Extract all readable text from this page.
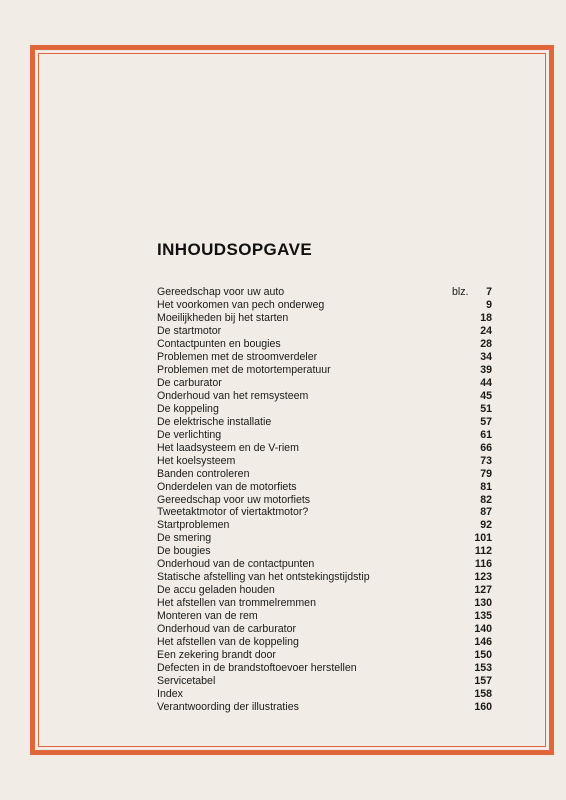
INHOUDSOPGAVE
Gereedschap voor uw auto	blz. 7
Het voorkomen van pech onderweg	9
Moeilijkheden bij het starten	18
De startmotor	24
Contactpunten en bougies	28
Problemen met de stroomverdeler	34
Problemen met de motortemperatuur	39
De carburator	44
Onderhoud van het remsysteem	45
De koppeling	51
De elektrische installatie	57
De verlichting	61
Het laadsysteem en de V-riem	66
Het koelsysteem	73
Banden controleren	79
Onderdelen van de motorfiets	81
Gereedschap voor uw motorfiets	82
Tweetaktmotor of viertaktmotor?	87
Startproblemen	92
De smering	101
De bougies	112
Onderhoud van de contactpunten	116
Statische afstelling van het ontstekingstijdstip	123
De accu geladen houden	127
Het afstellen van trommelremmen	130
Monteren van de rem	135
Onderhoud van de carburator	140
Het afstellen van de koppeling	146
Een zekering brandt door	150
Defecten in de brandstoftoevoer herstellen	153
Servicetabel	157
Index	158
Verantwoording der illustraties	160
